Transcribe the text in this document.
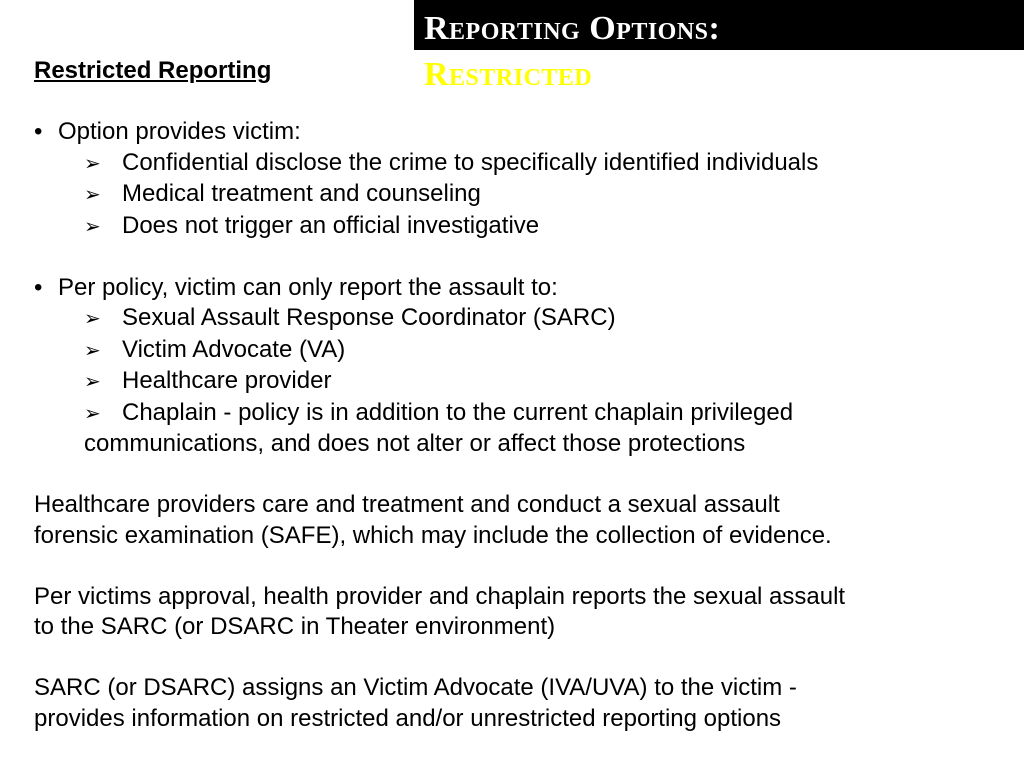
Reporting Options:
Restricted
Restricted Reporting
• Option provides victim:
➢ Confidential disclose the crime to specifically identified individuals
➢ Medical treatment and counseling
➢ Does not trigger an official investigative
• Per policy, victim can only report the assault to:
➢ Sexual Assault Response Coordinator (SARC)
➢ Victim Advocate (VA)
➢ Healthcare provider
➢ Chaplain - policy is in addition to the current chaplain privileged
communications, and does not alter or affect those protections
Healthcare providers care and treatment and conduct a sexual assault
forensic examination (SAFE), which may include the collection of evidence.
Per victims approval, health provider and chaplain reports the sexual assault
to the SARC (or DSARC in Theater environment)
SARC (or DSARC) assigns an Victim Advocate (IVA/UVA) to the victim -
provides information on restricted and/or unrestricted reporting options
